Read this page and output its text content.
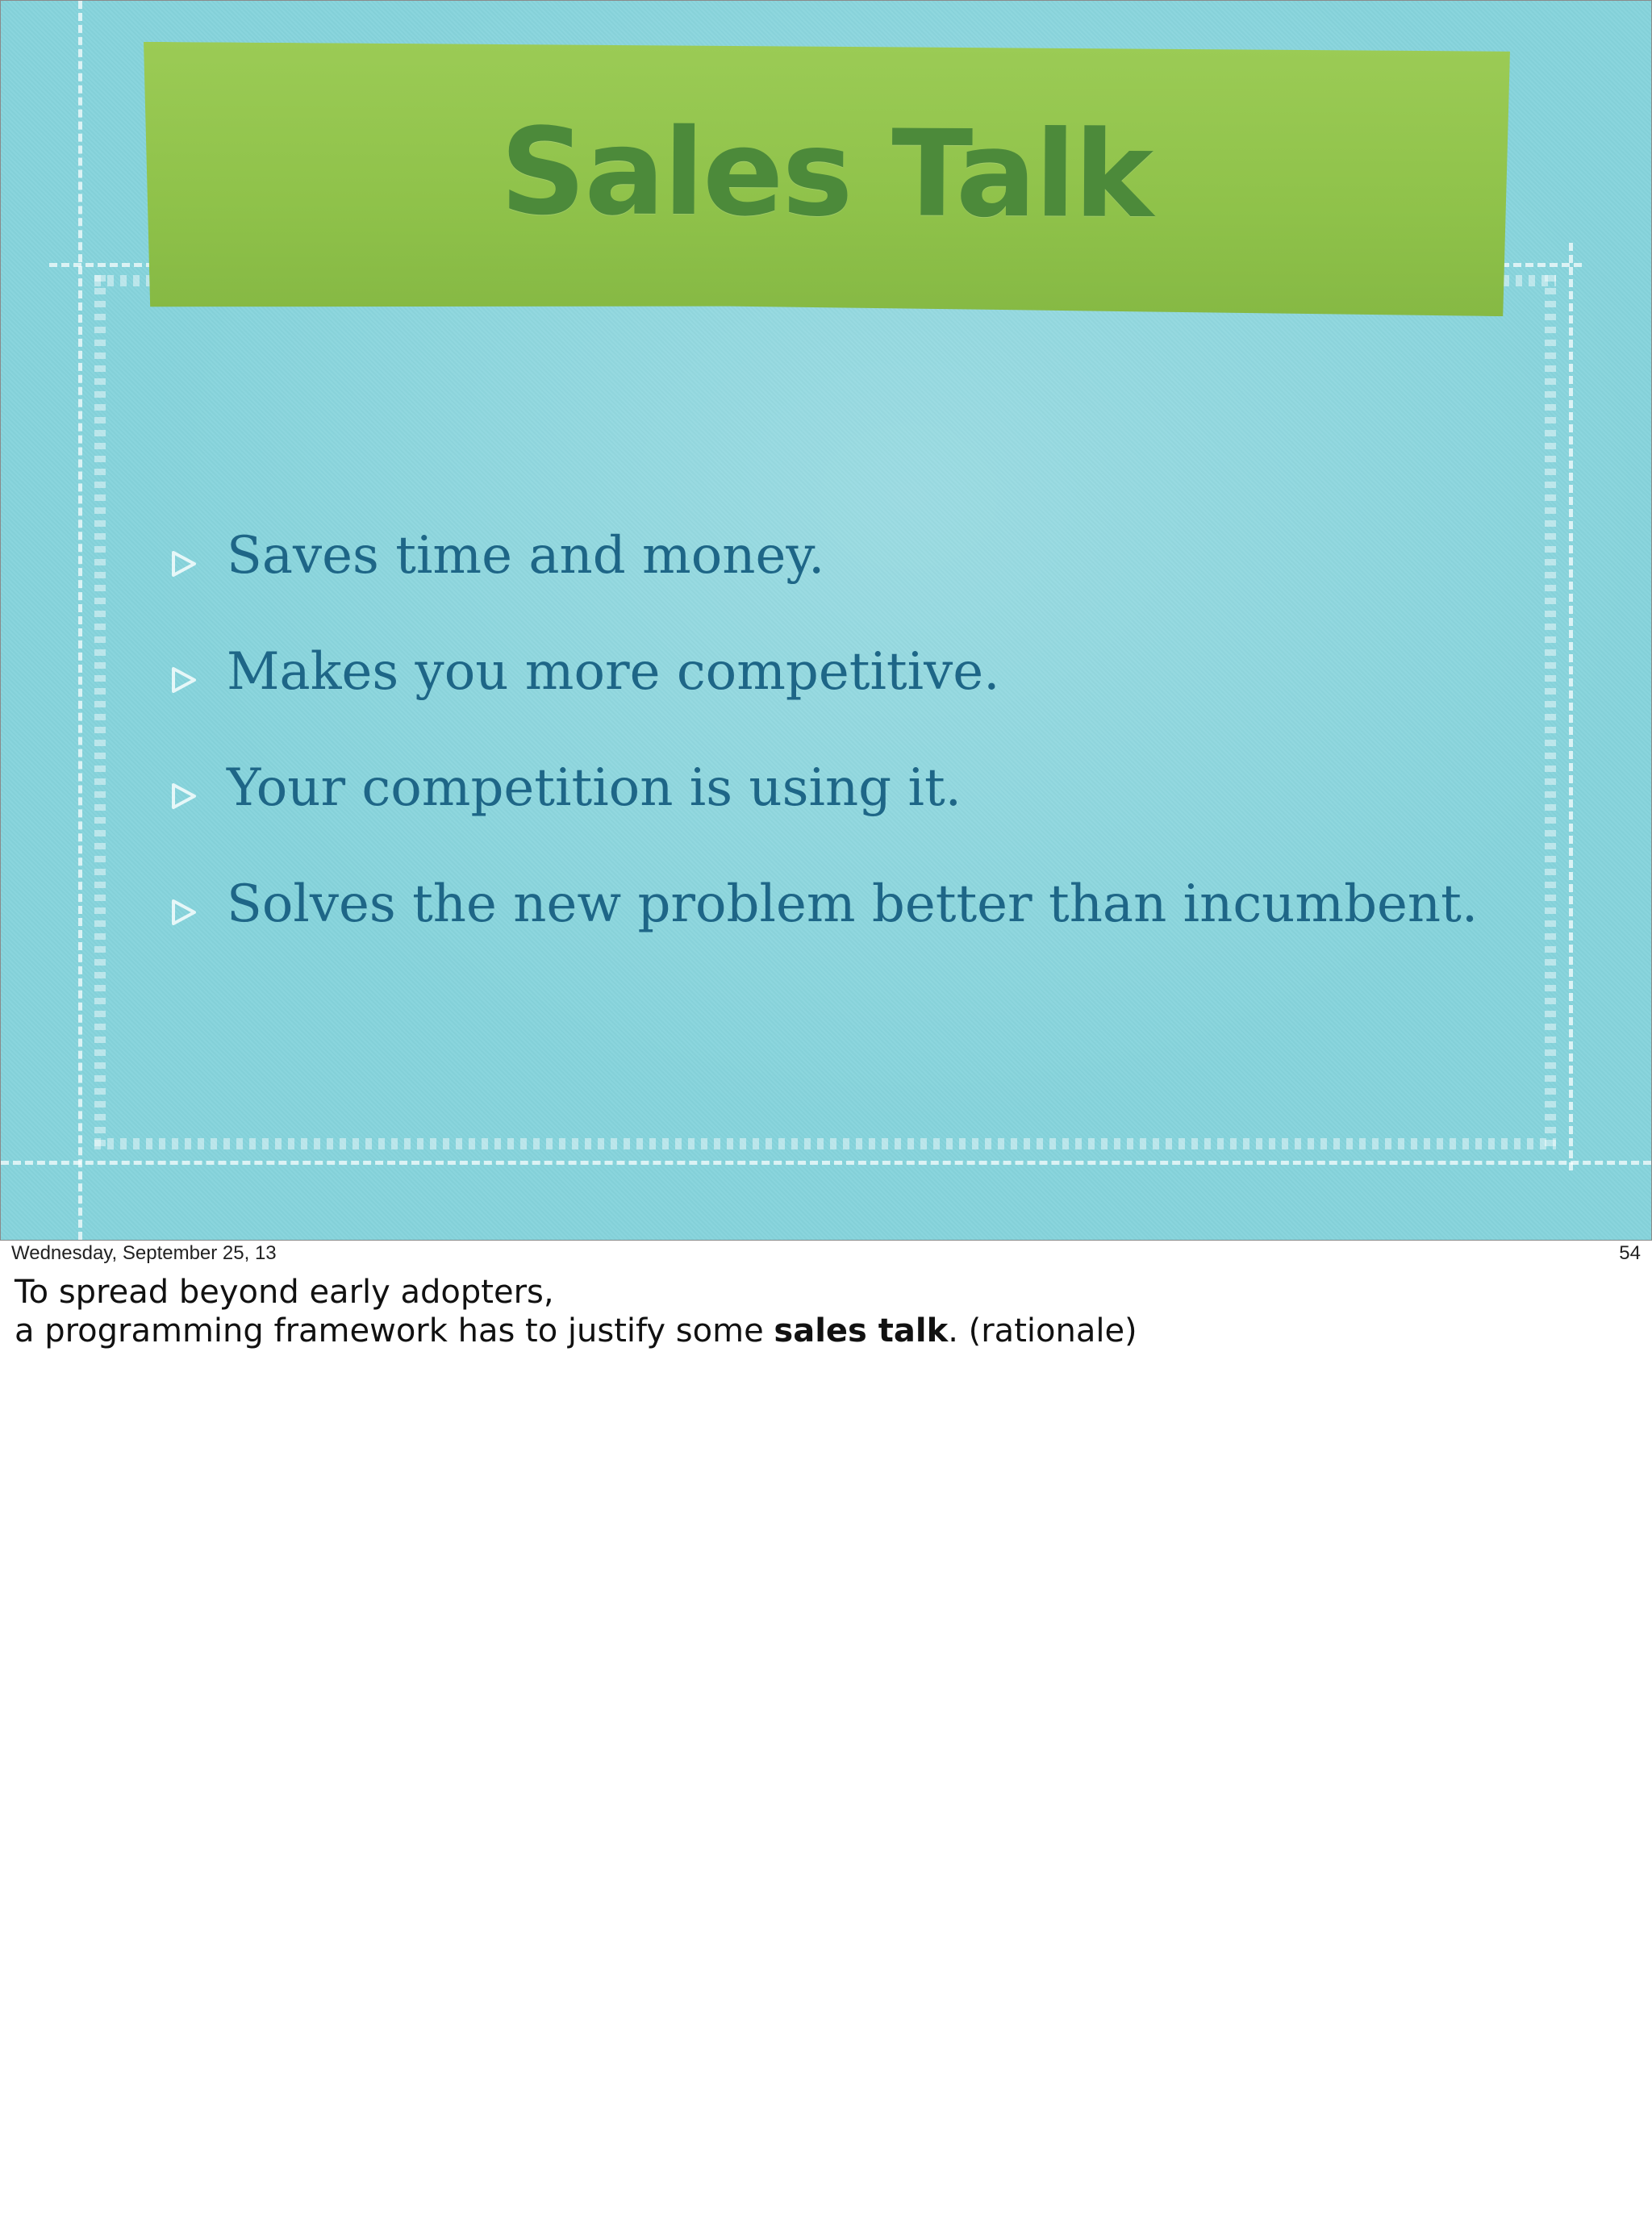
Sales Talk
Saves time and money.
Makes you more competitive.
Your competition is using it.
Solves the new problem better than incumbent.
Wednesday, September 25, 13	54
To spread beyond early adopters,
a programming framework has to justify some sales talk. (rationale)
